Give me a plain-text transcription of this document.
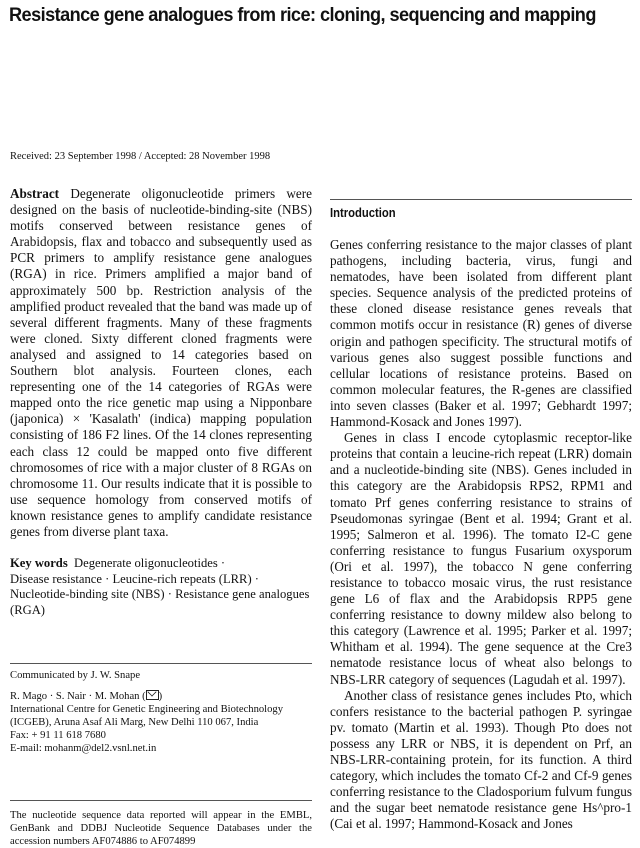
Resistance gene analogues from rice: cloning, sequencing and mapping
Received: 23 September 1998 / Accepted: 28 November 1998

Abstract Degenerate oligonucleotide primers were designed on the basis of nucleotide-binding-site (NBS) motifs conserved between resistance genes of Arabidopsis, flax and tobacco and subsequently used as PCR primers to amplify resistance gene analogues (RGA) in rice. Primers amplified a major band of approximately 500 bp. Restriction analysis of the amplified product revealed that the band was made up of several different fragments. Many of these fragments were cloned. Sixty different cloned fragments were analysed and assigned to 14 categories based on Southern blot analysis. Fourteen clones, each representing one of the 14 categories of RGAs were mapped onto the rice genetic map using a Nipponbare (japonica) × 'Kasalath' (indica) mapping population consisting of 186 F2 lines. Of the 14 clones representing each class 12 could be mapped onto five different chromosomes of rice with a major cluster of 8 RGAs on chromosome 11. Our results indicate that it is possible to use sequence homology from conserved motifs of known resistance genes to amplify candidate resistance genes from diverse plant taxa.

Key words Degenerate oligonucleotides ·
Disease resistance · Leucine-rich repeats (LRR) ·
Nucleotide-binding site (NBS) · Resistance gene analogues (RGA)

Communicated by J. W. Snape

R. Mago · S. Nair · M. Mohan ( )

International Centre for Genetic Engineering and Biotechnology

(ICGEB), Aruna Asaf Ali Marg, New Delhi 110 067, India

Fax: + 91 11 618 7680

E-mail: mohanm@del2.vsnl.net.in

The nucleotide sequence data reported will appear in the EMBL, GenBank and DDBJ Nucleotide Sequence Databases under the accession numbers AF074886 to AF074899

Introduction

Genes conferring resistance to the major classes of plant pathogens, including bacteria, virus, fungi and nematodes, have been isolated from different plant species. Sequence analysis of the predicted proteins of these cloned disease resistance genes reveals that common motifs occur in resistance (R) genes of diverse origin and pathogen specificity. The structural motifs of various genes also suggest possible functions and cellular locations of resistance proteins. Based on common molecular features, the R-genes are classified into seven classes (Baker et al. 1997; Gebhardt 1997; Hammond-Kosack and Jones 1997).

Genes in class I encode cytoplasmic receptor-like proteins that contain a leucine-rich repeat (LRR) domain and a nucleotide-binding site (NBS). Genes included in this category are the Arabidopsis RPS2, RPM1 and tomato Prf genes conferring resistance to strains of Pseudomonas syringae (Bent et al. 1994; Grant et al. 1995; Salmeron et al. 1996). The tomato I2-C gene conferring resistance to fungus Fusarium oxysporum (Ori et al. 1997), the tobacco N gene conferring resistance to tobacco mosaic virus, the rust resistance gene L6 of flax and the Arabidopsis RPP5 gene conferring resistance to downy mildew also belong to this category (Lawrence et al. 1995; Parker et al. 1997; Whitham et al. 1994). The gene sequence at the Cre3 nematode resistance locus of wheat also belongs to NBS-LRR category of sequences (Lagudah et al. 1997).

Another class of resistance genes includes Pto, which confers resistance to the bacterial pathogen P. syringae pv. tomato (Martin et al. 1993). Though Pto does not possess any LRR or NBS, it is dependent on Prf, an NBS-LRR-containing protein, for its function. A third category, which includes the tomato Cf-2 and Cf-9 genes conferring resistance to the Cladosporium fulvum fungus and the sugar beet nematode resistance gene Hs^pro-1 (Cai et al. 1997; Hammond-Kosack and Jones
